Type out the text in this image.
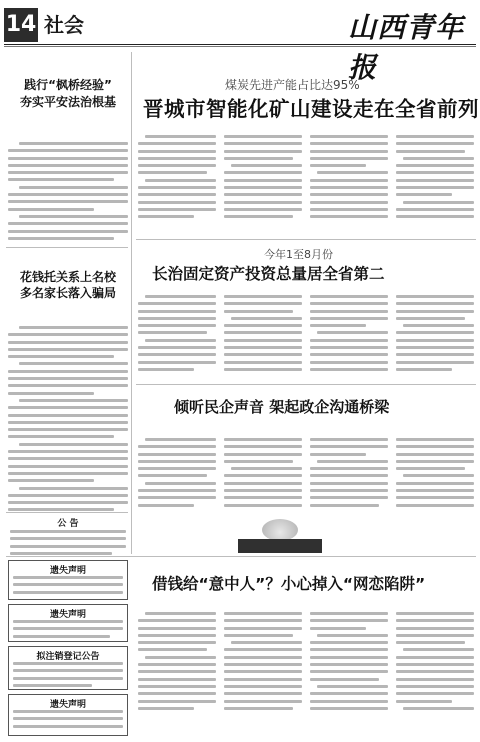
14 社会	山西青年报
践行“枫桥经验”
夯实平安法治根基
花钱托关系上名校
多名家长落入骗局
公 告
遗失声明
遗失声明
拟注销登记公告
遗失声明
煤炭先进产能占比达95%
晋城市智能化矿山建设走在全省前列
今年1至8月份
长治固定资产投资总量居全省第二
倾听民企声音 架起政企沟通桥梁
借钱给“意中人”？小心掉入“网恋陷阱”
